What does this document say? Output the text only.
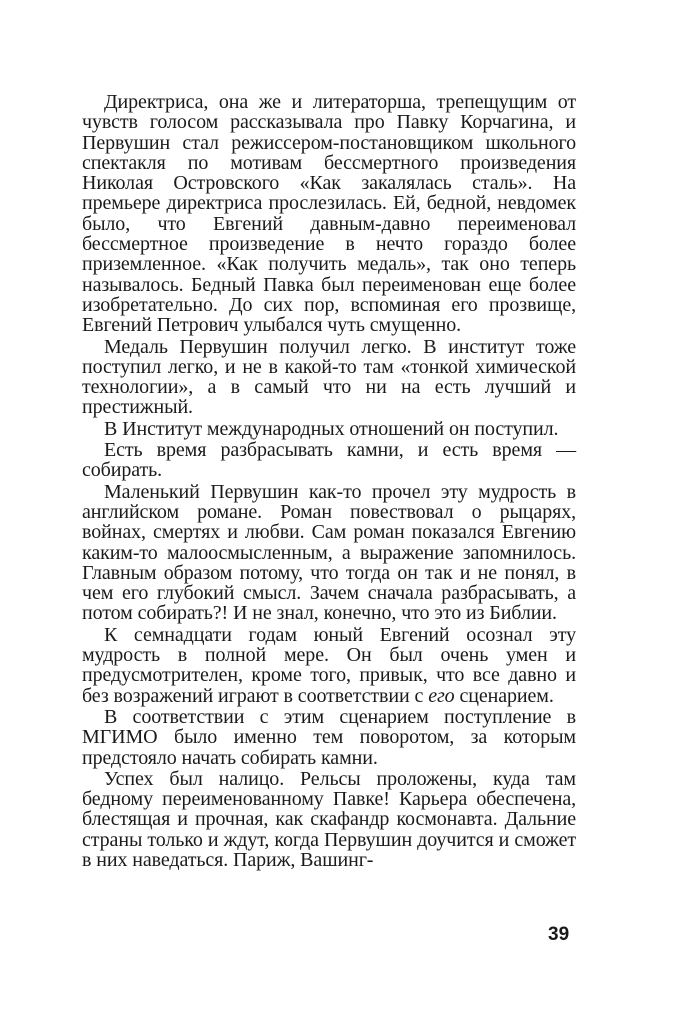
Директриса, она же и литераторша, трепещущим от чувств голосом рассказывала про Павку Корчагина, и Первушин стал режиссером-постановщиком школьного спектакля по мотивам бессмертного произведения Николая Островского «Как закалялась сталь». На премьере директриса прослезилась. Ей, бедной, невдомек было, что Евгений давным-давно переименовал бессмертное произведение в нечто гораздо более приземленное. «Как получить медаль», так оно теперь называлось. Бедный Павка был переименован еще более изобретательно. До сих пор, вспоминая его прозвище, Евгений Петрович улыбался чуть смущенно.

Медаль Первушин получил легко. В институт тоже поступил легко, и не в какой-то там «тонкой химической технологии», а в самый что ни на есть лучший и престижный.

В Институт международных отношений он поступил.

Есть время разбрасывать камни, и есть время — собирать.

Маленький Первушин как-то прочел эту мудрость в английском романе. Роман повествовал о рыцарях, войнах, смертях и любви. Сам роман показался Евгению каким-то малоосмысленным, а выражение запомнилось. Главным образом потому, что тогда он так и не понял, в чем его глубокий смысл. Зачем сначала разбрасывать, а потом собирать?! И не знал, конечно, что это из Библии.

К семнадцати годам юный Евгений осознал эту мудрость в полной мере. Он был очень умен и предусмотрителен, кроме того, привык, что все давно и без возражений играют в соответствии с его сценарием.

В соответствии с этим сценарием поступление в МГИМО было именно тем поворотом, за которым предстояло начать собирать камни.

Успех был налицо. Рельсы проложены, куда там бедному переименованному Павке! Карьера обеспечена, блестящая и прочная, как скафандр космонавта. Дальние страны только и ждут, когда Первушин доучится и сможет в них наведаться. Париж, Вашинг-

39
